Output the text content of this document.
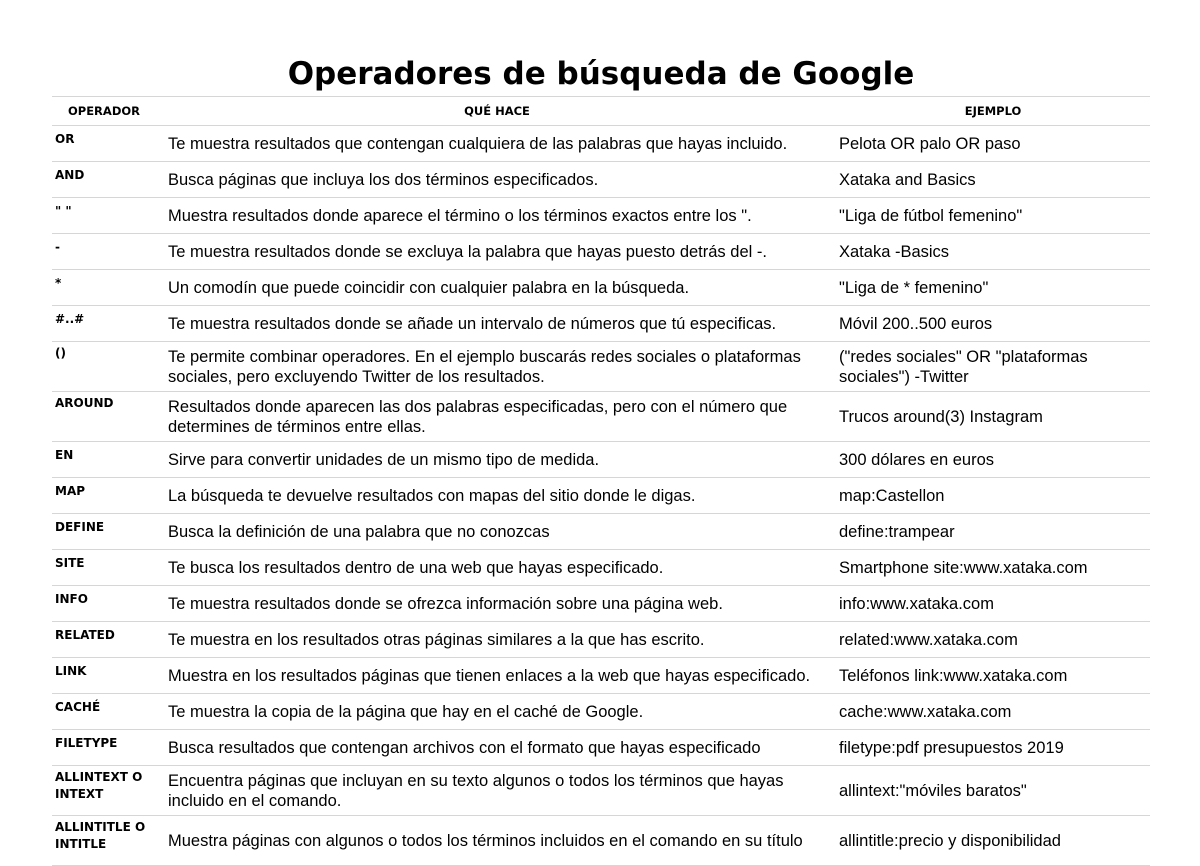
Operadores de búsqueda de Google
OPERADOR	QUÉ HACE	EJEMPLO
OR	Te muestra resultados que contengan cualquiera de las palabras que hayas incluido.	Pelota OR palo OR paso
AND	Busca páginas que incluya los dos términos especificados.	Xataka and Basics
" "	Muestra resultados donde aparece el término o los términos exactos entre los ".	"Liga de fútbol femenino"
-	Te muestra resultados donde se excluya la palabra que hayas puesto detrás del -.	Xataka -Basics
*	Un comodín que puede coincidir con cualquier palabra en la búsqueda.	"Liga de * femenino"
#..#	Te muestra resultados donde se añade un intervalo de números que tú especificas.	Móvil 200..500 euros
()	Te permite combinar operadores. En el ejemplo buscarás redes sociales o plataformas sociales, pero excluyendo Twitter de los resultados.	("redes sociales" OR "plataformas sociales") -Twitter
AROUND	Resultados donde aparecen las dos palabras especificadas, pero con el número que determines de términos entre ellas.	Trucos around(3) Instagram
EN	Sirve para convertir unidades de un mismo tipo de medida.	300 dólares en euros
MAP	La búsqueda te devuelve resultados con mapas del sitio donde le digas.	map:Castellon
DEFINE	Busca la definición de una palabra que no conozcas	define:trampear
SITE	Te busca los resultados dentro de una web que hayas especificado.	Smartphone site:www.xataka.com
INFO	Te muestra resultados donde se ofrezca información sobre una página web.	info:www.xataka.com
RELATED	Te muestra en los resultados otras páginas similares a la que has escrito.	related:www.xataka.com
LINK	Muestra en los resultados páginas que tienen enlaces a la web que hayas especificado.	Teléfonos link:www.xataka.com
CACHÉ	Te muestra la copia de la página que hay en el caché de Google.	cache:www.xataka.com
FILETYPE	Busca resultados que contengan archivos con el formato que hayas especificado	filetype:pdf presupuestos 2019
ALLINTEXT O INTEXT	Encuentra páginas que incluyan en su texto algunos o todos los términos que hayas incluido en el comando.	allintext:"móviles baratos"
ALLINTITLE O INTITLE	Muestra páginas con algunos o todos los términos incluidos en el comando en su título	allintitle:precio y disponibilidad
